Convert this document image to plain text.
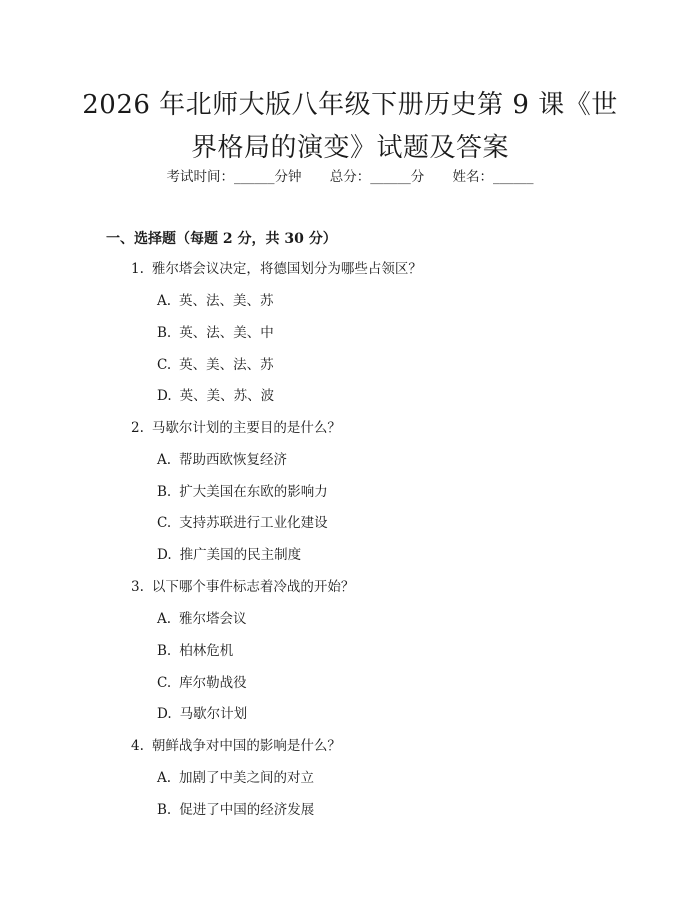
2026 年北师大版八年级下册历史第 9 课《世
界格局的演变》试题及答案
考试时间：______分钟 总分：______分 姓名：______
一、选择题（每题 2 分，共 30 分）
1. 雅尔塔会议决定，将德国划分为哪些占领区？
A. 英、法、美、苏
B. 英、法、美、中
C. 英、美、法、苏
D. 英、美、苏、波
2. 马歇尔计划的主要目的是什么？
A. 帮助西欧恢复经济
B. 扩大美国在东欧的影响力
C. 支持苏联进行工业化建设
D. 推广美国的民主制度
3. 以下哪个事件标志着冷战的开始？
A. 雅尔塔会议
B. 柏林危机
C. 库尔勒战役
D. 马歇尔计划
4. 朝鲜战争对中国的影响是什么？
A. 加剧了中美之间的对立
B. 促进了中国的经济发展
